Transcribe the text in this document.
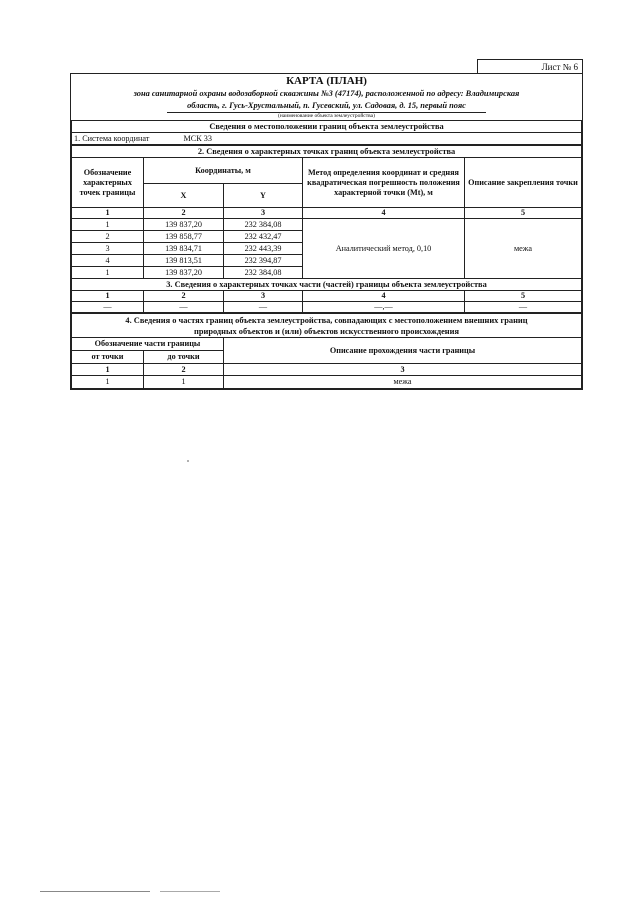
Лист № 6
КАРТА (ПЛАН)
зона санитарной охраны водозаборной скважины №3 (47174), расположенной по адресу: Владимирская
область, г. Гусь-Хрустальный, п. Гусевский, ул. Садовая, д. 15, первый пояс
(наименование объекта землеустройства)
Сведения о местоположении границ объекта землеустройства
1. Система координат	МСК 33
2. Сведения о характерных точках границ объекта землеустройства				
Обозначение характерных точек границы	Координаты, м		Метод определения координат и средняя квадратическая погрешность положения характерной точки (Mt), м	Описание закрепления точки
	X	Y		
1	2	3	4	5
1	139 837,20	232 384,08	Аналитический метод, 0,10	межа
2	139 858,77	232 432,47		
3	139 834,71	232 443,39		
4	139 813,51	232 394,87		
1	139 837,20	232 384,08		
3. Сведения о характерных точках части (частей) границы объекта землеустройства				
1	2	3	4	5
—	—	—	—,—	—
4. Сведения о частях границ объекта землеустройства, совпадающих с местоположением внешних границ
природных объектов и (или) объектов искусственного происхождения		

Обозначение части границы		Описание прохождения части границы
от точки	до точки	
1	2	3
1	1	межа
